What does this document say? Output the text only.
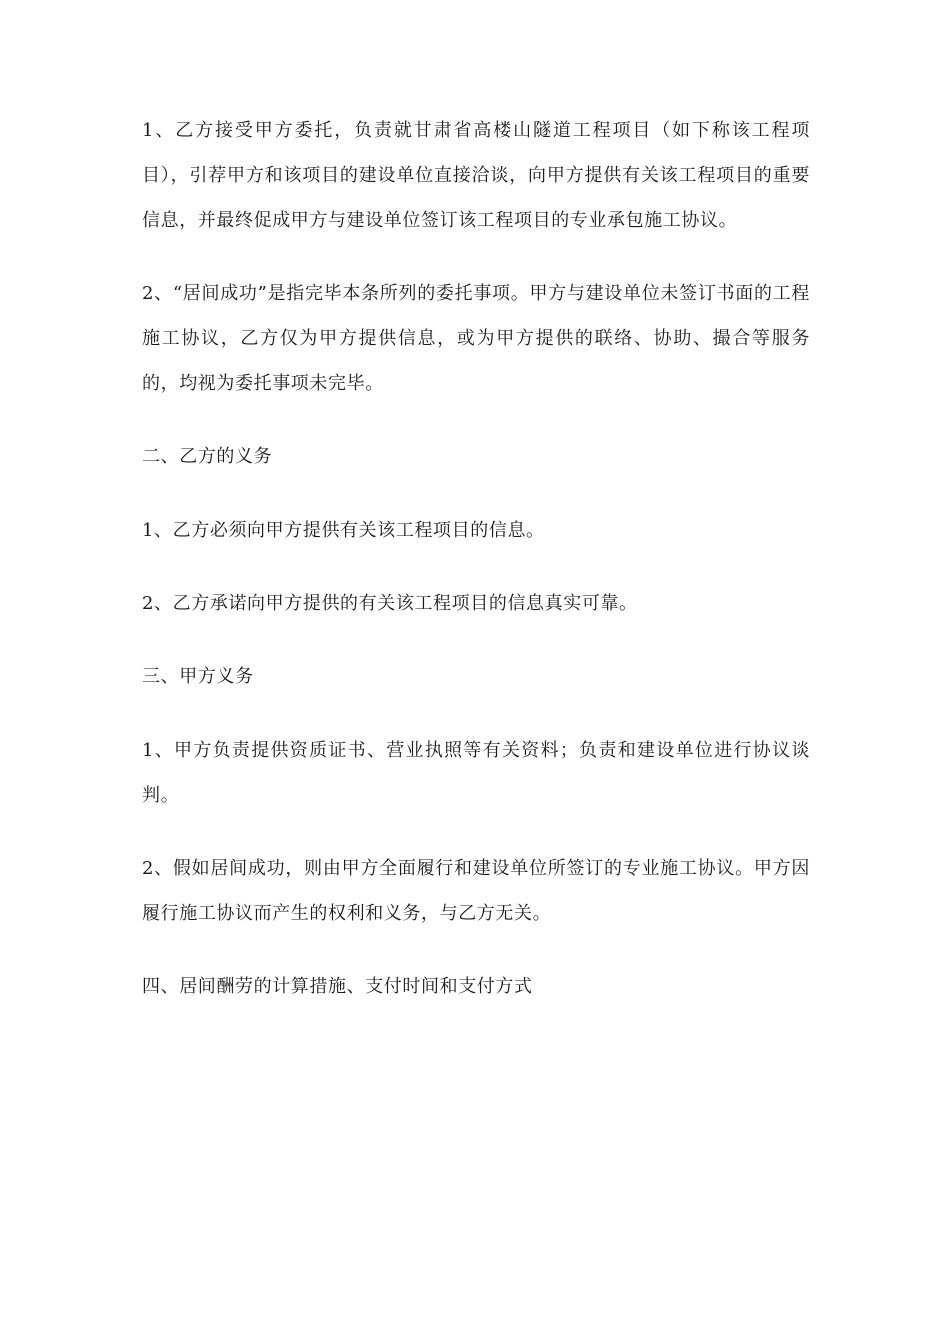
1、乙方接受甲方委托，负责就甘肃省高楼山隧道工程项目（如下称该工程项目），引荐甲方和该项目的建设单位直接洽谈，向甲方提供有关该工程项目的重要信息，并最终促成甲方与建设单位签订该工程项目的专业承包施工协议。

2、“居间成功”是指完毕本条所列的委托事项。甲方与建设单位未签订书面的工程施工协议，乙方仅为甲方提供信息，或为甲方提供的联络、协助、撮合等服务的，均视为委托事项未完毕。

二、乙方的义务

1、乙方必须向甲方提供有关该工程项目的信息。

2、乙方承诺向甲方提供的有关该工程项目的信息真实可靠。

三、甲方义务

1、甲方负责提供资质证书、营业执照等有关资料；负责和建设单位进行协议谈判。

2、假如居间成功，则由甲方全面履行和建设单位所签订的专业施工协议。甲方因履行施工协议而产生的权利和义务，与乙方无关。

四、居间酬劳的计算措施、支付时间和支付方式
